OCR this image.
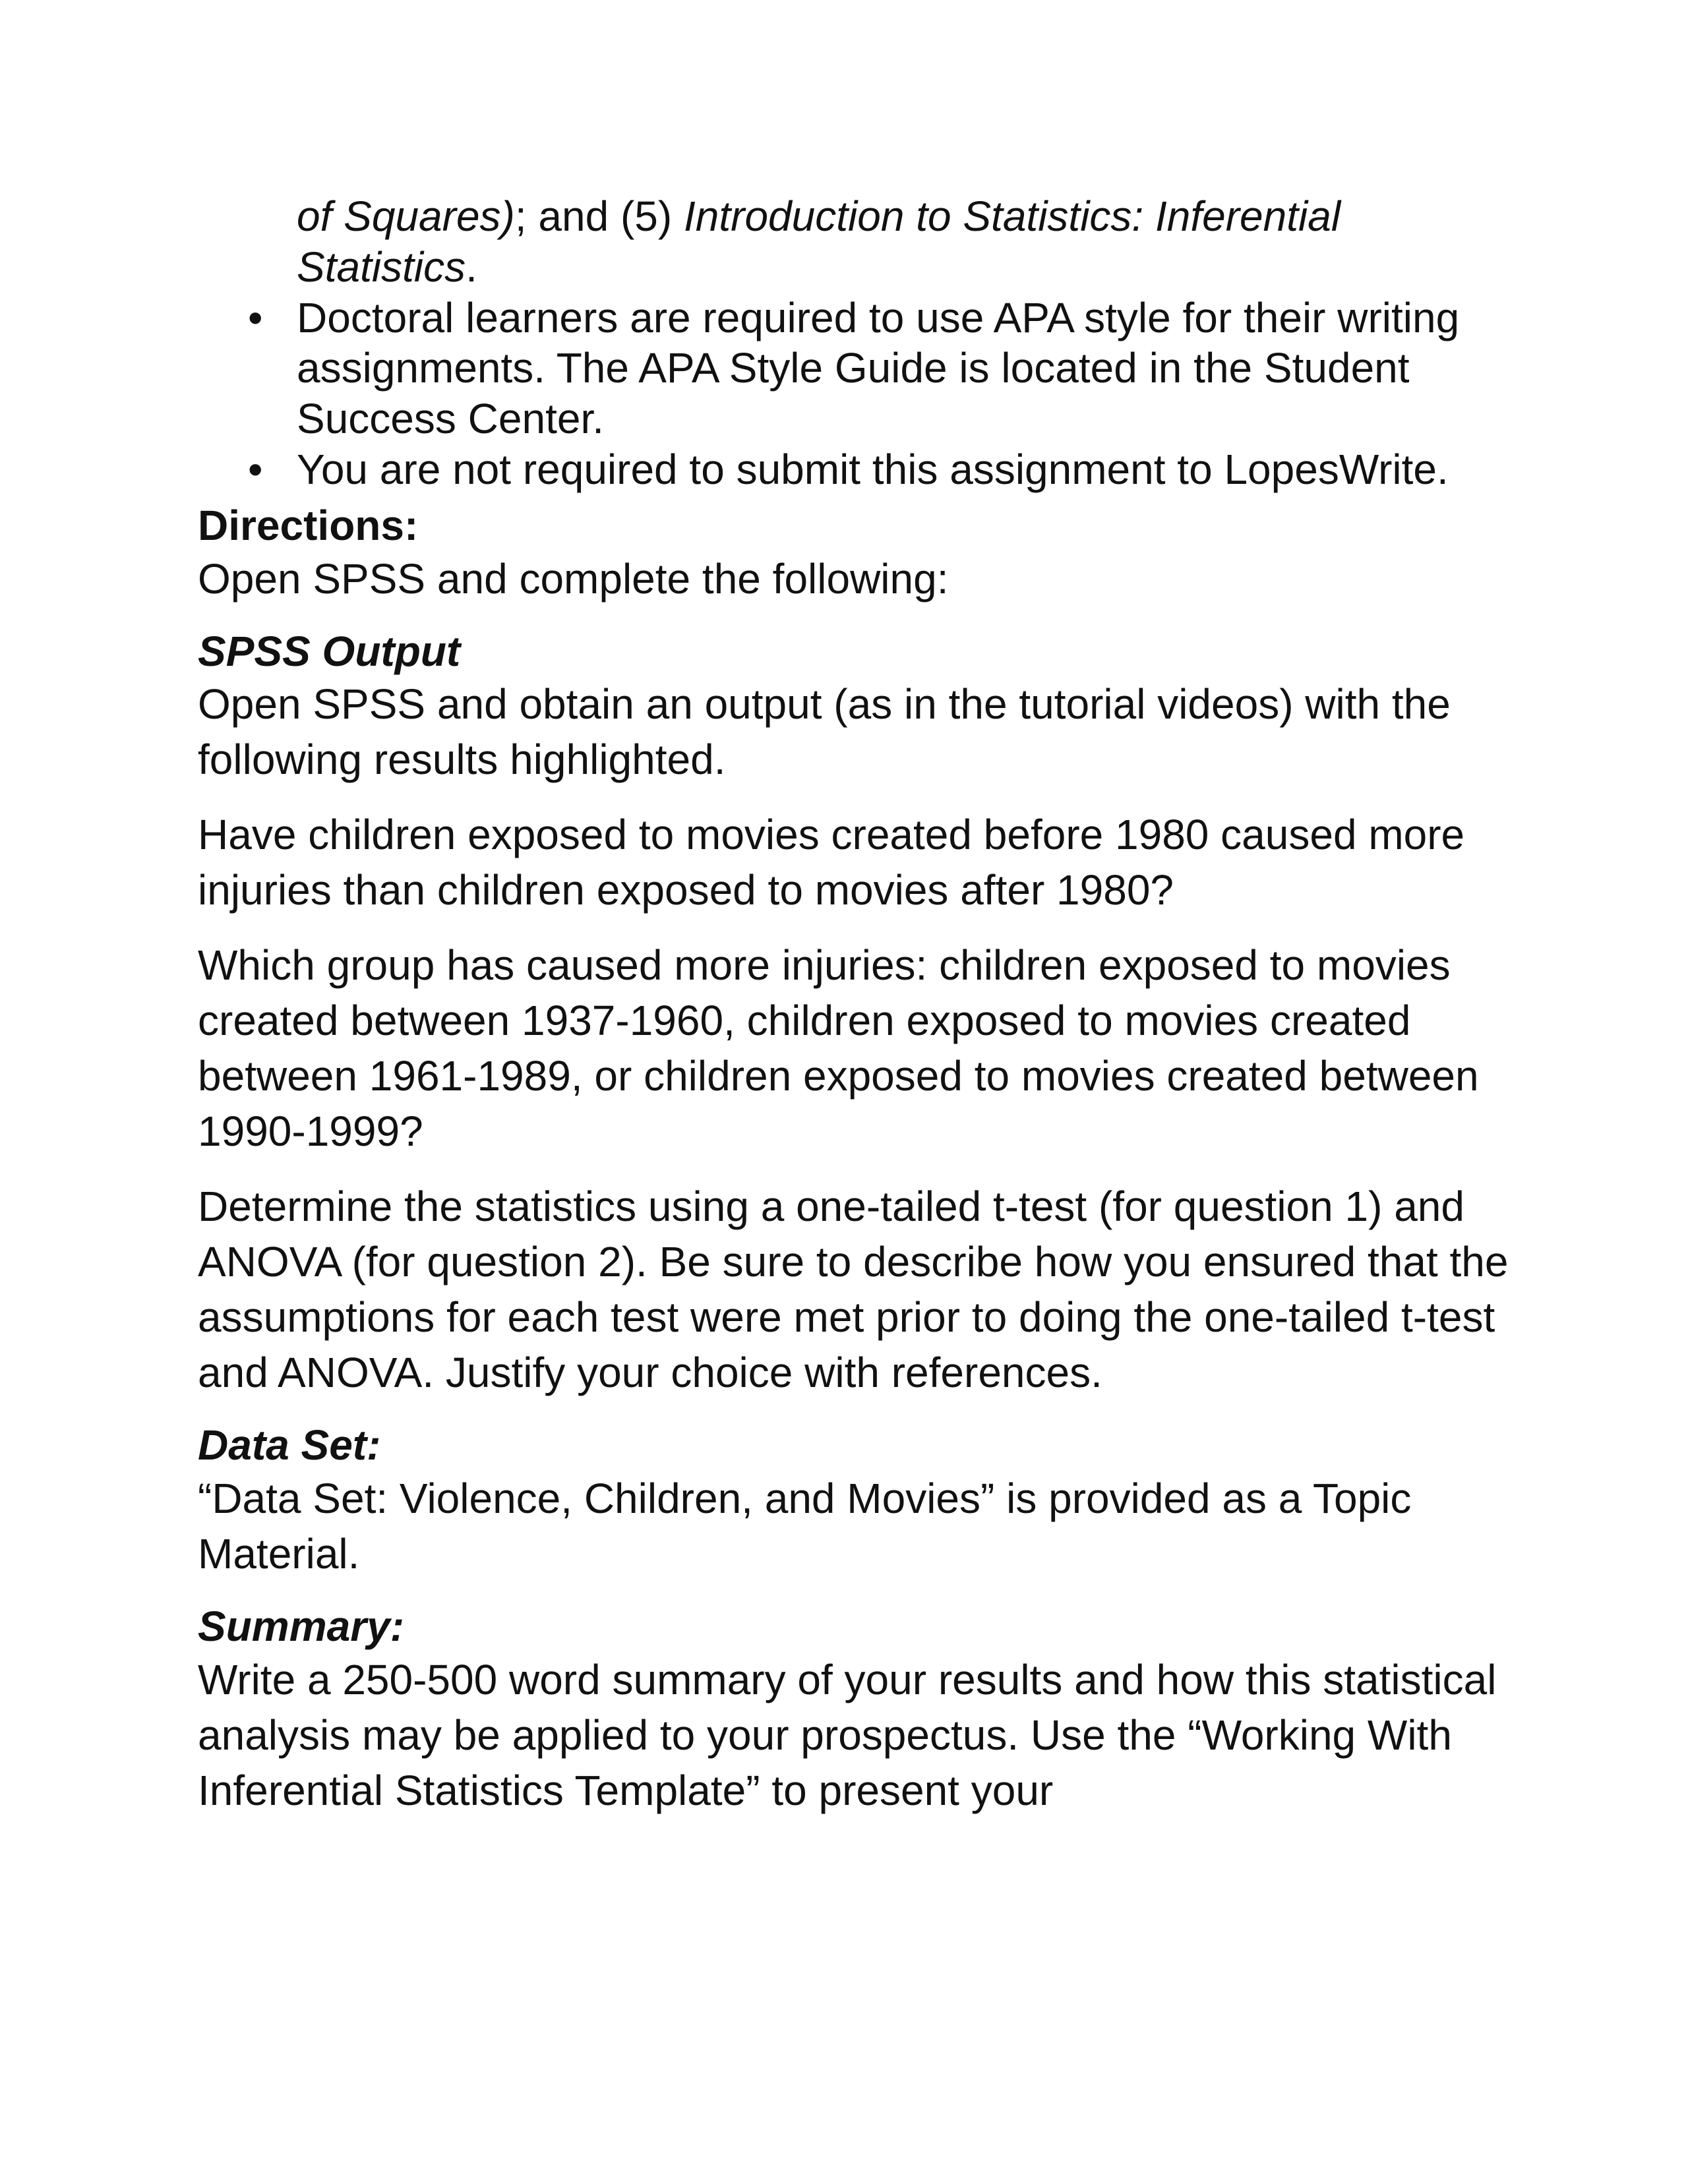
of Squares); and (5) Introduction to Statistics: Inferential Statistics.

• Doctoral learners are required to use APA style for their writing assignments. The APA Style Guide is located in the Student Success Center.
• You are not required to submit this assignment to LopesWrite.

Directions:

Open SPSS and complete the following:

SPSS Output

Open SPSS and obtain an output (as in the tutorial videos) with the following results highlighted.

Have children exposed to movies created before 1980 caused more injuries than children exposed to movies after 1980?

Which group has caused more injuries: children exposed to movies created between 1937-1960, children exposed to movies created between 1961-1989, or children exposed to movies created between 1990-1999?

Determine the statistics using a one-tailed t-test (for question 1) and ANOVA (for question 2). Be sure to describe how you ensured that the assumptions for each test were met prior to doing the one-tailed t-test and ANOVA. Justify your choice with references.

Data Set:

“Data Set: Violence, Children, and Movies” is provided as a Topic Material.

Summary:

Write a 250-500 word summary of your results and how this statistical analysis may be applied to your prospectus. Use the “Working With Inferential Statistics Template” to present your
